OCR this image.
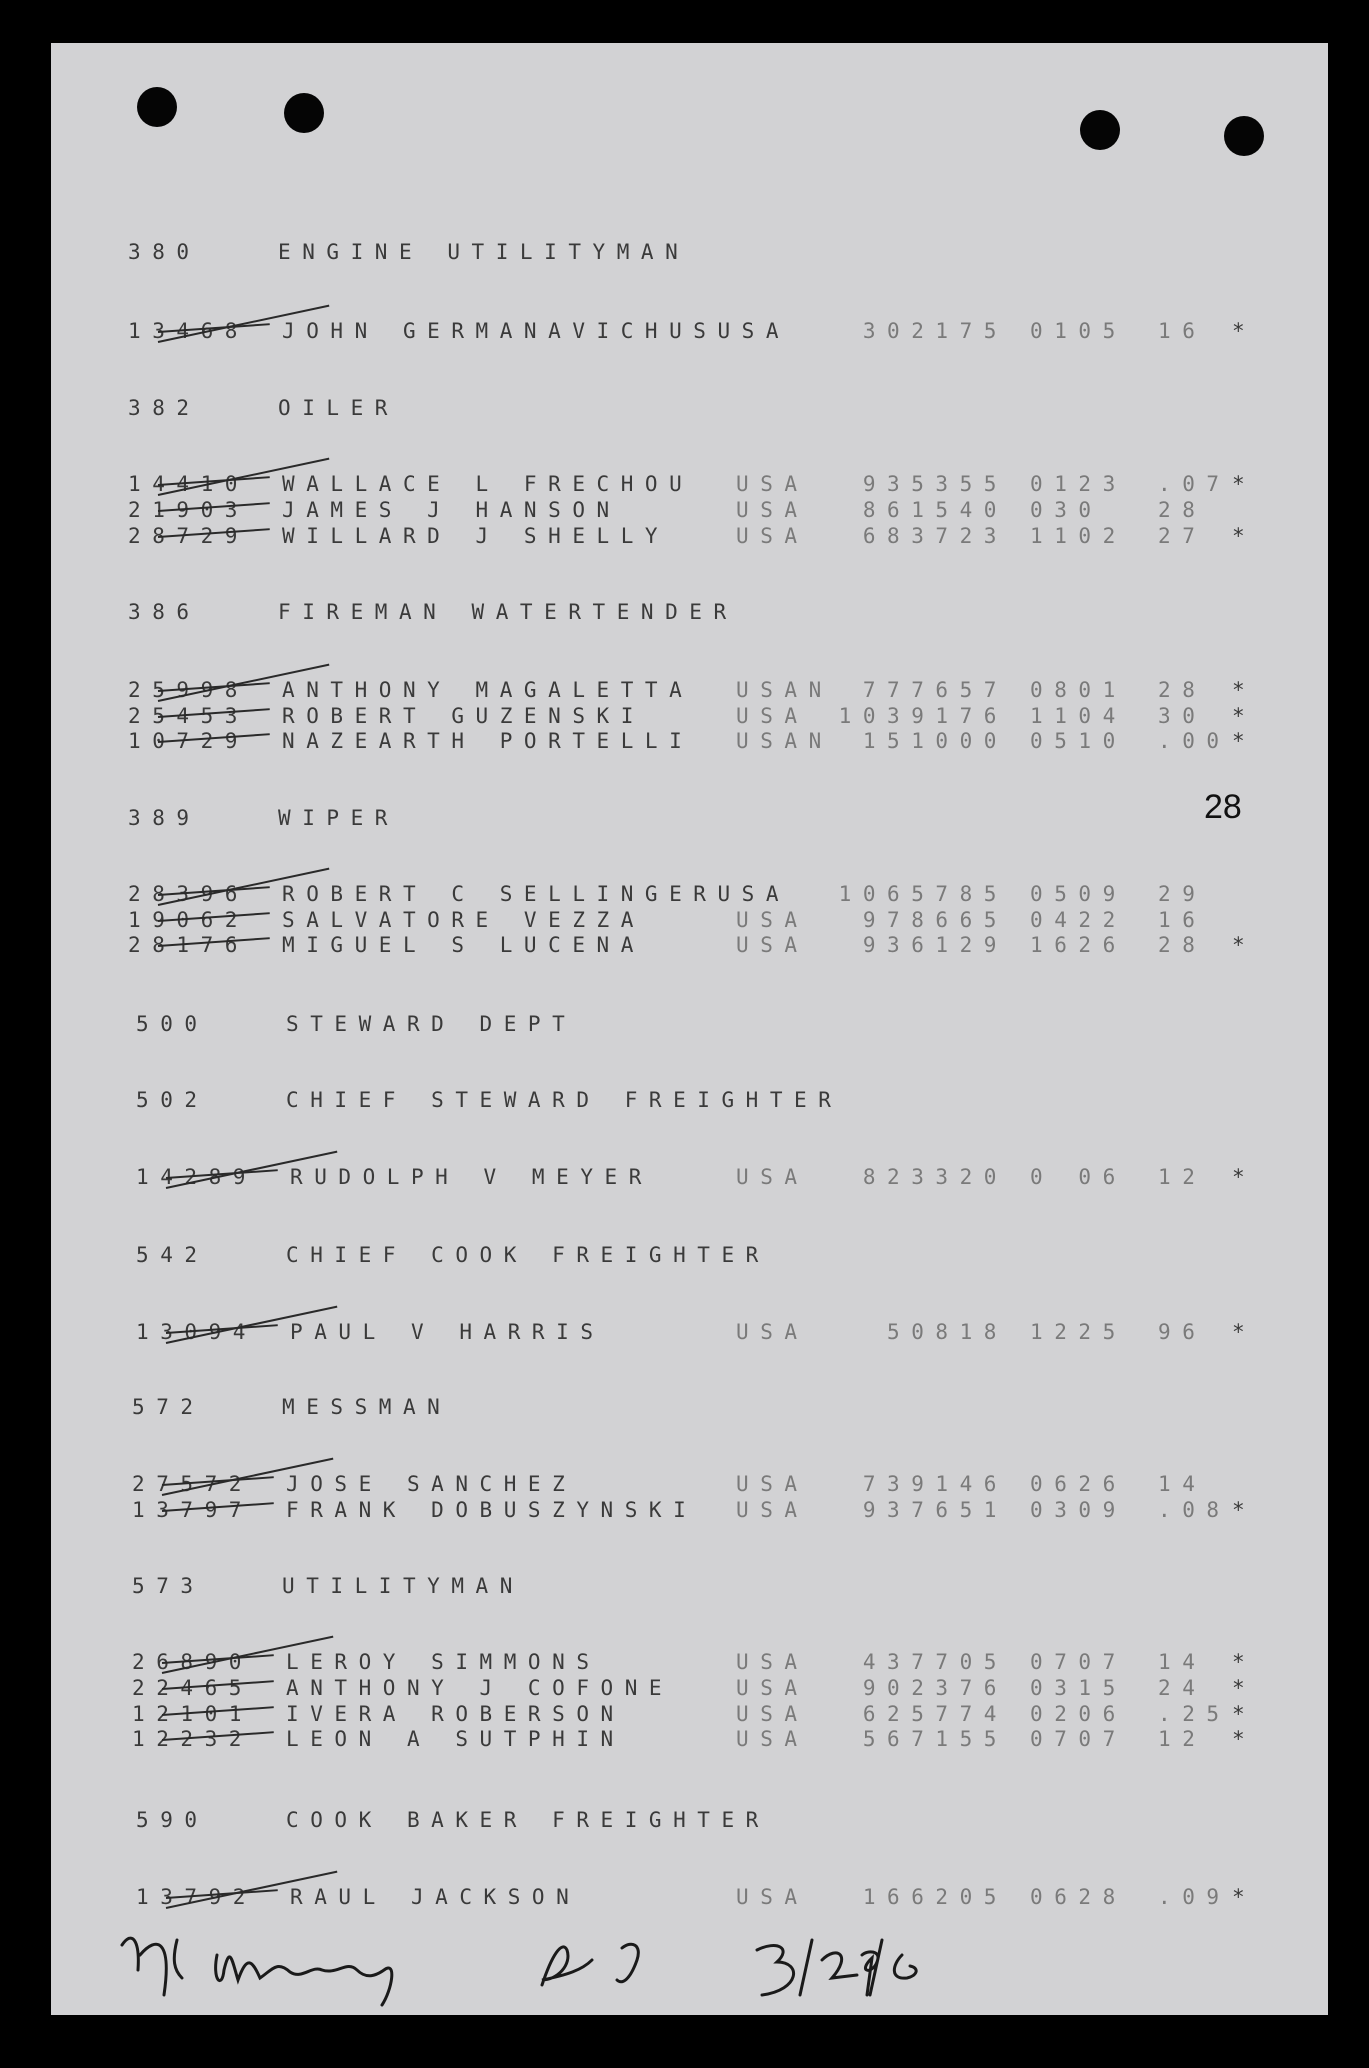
28
380	ENGINE UTILITYMAN
13468 JOHN GERMANAVICHUSUSA	302175 0105 16 *
382	OILER
14410 WALLACE L FRECHOU USA	935355 0123 .07 *
21903 JAMES J HANSON	USA	861540 030	28
28729 WILLARD J SHELLY	USA	683723 1102 27 *
386	FIREMAN WATERTENDER
25998 ANTHONY MAGALETTA USAN 777657 0801 28 *
25453 ROBERT GUZENSKI	USA 1039176 1104 30 *
10729 NAZEARTH PORTELLI USAN 151000 0510 .00 *
389	WIPER
28396 ROBERT C SELLINGERUSA 1065785 0509 29
19062 SALVATORE VEZZA	USA	978665 0422 16
28176 MIGUEL S LUCENA	USA	936129 1626 28 *
500	STEWARD DEPT
502	CHIEF STEWARD FREIGHTER
14289 RUDOLPH V MEYER	USA	823320 0 06 12 *
542	CHIEF COOK FREIGHTER
13094 PAUL V HARRIS	USA	50818 1225 96 *
572	MESSMAN
27572 JOSE SANCHEZ	USA	739146 0626 14
13797 FRANK DOBUSZYNSKI USA	937651 0309 .08 *
573	UTILITYMAN
26890 LEROY SIMMONS	USA	437705 0707 14 *
22465 ANTHONY J COFONE	USA	902376 0315 24 *
12101 IVERA ROBERSON	USA	625774 0206 .25 *
12232 LEON A SUTPHIN	USA	567155 0707 12 *
590	COOK BAKER FREIGHTER
13792 RAUL JACKSON	USA	166205 0628 .09 *
